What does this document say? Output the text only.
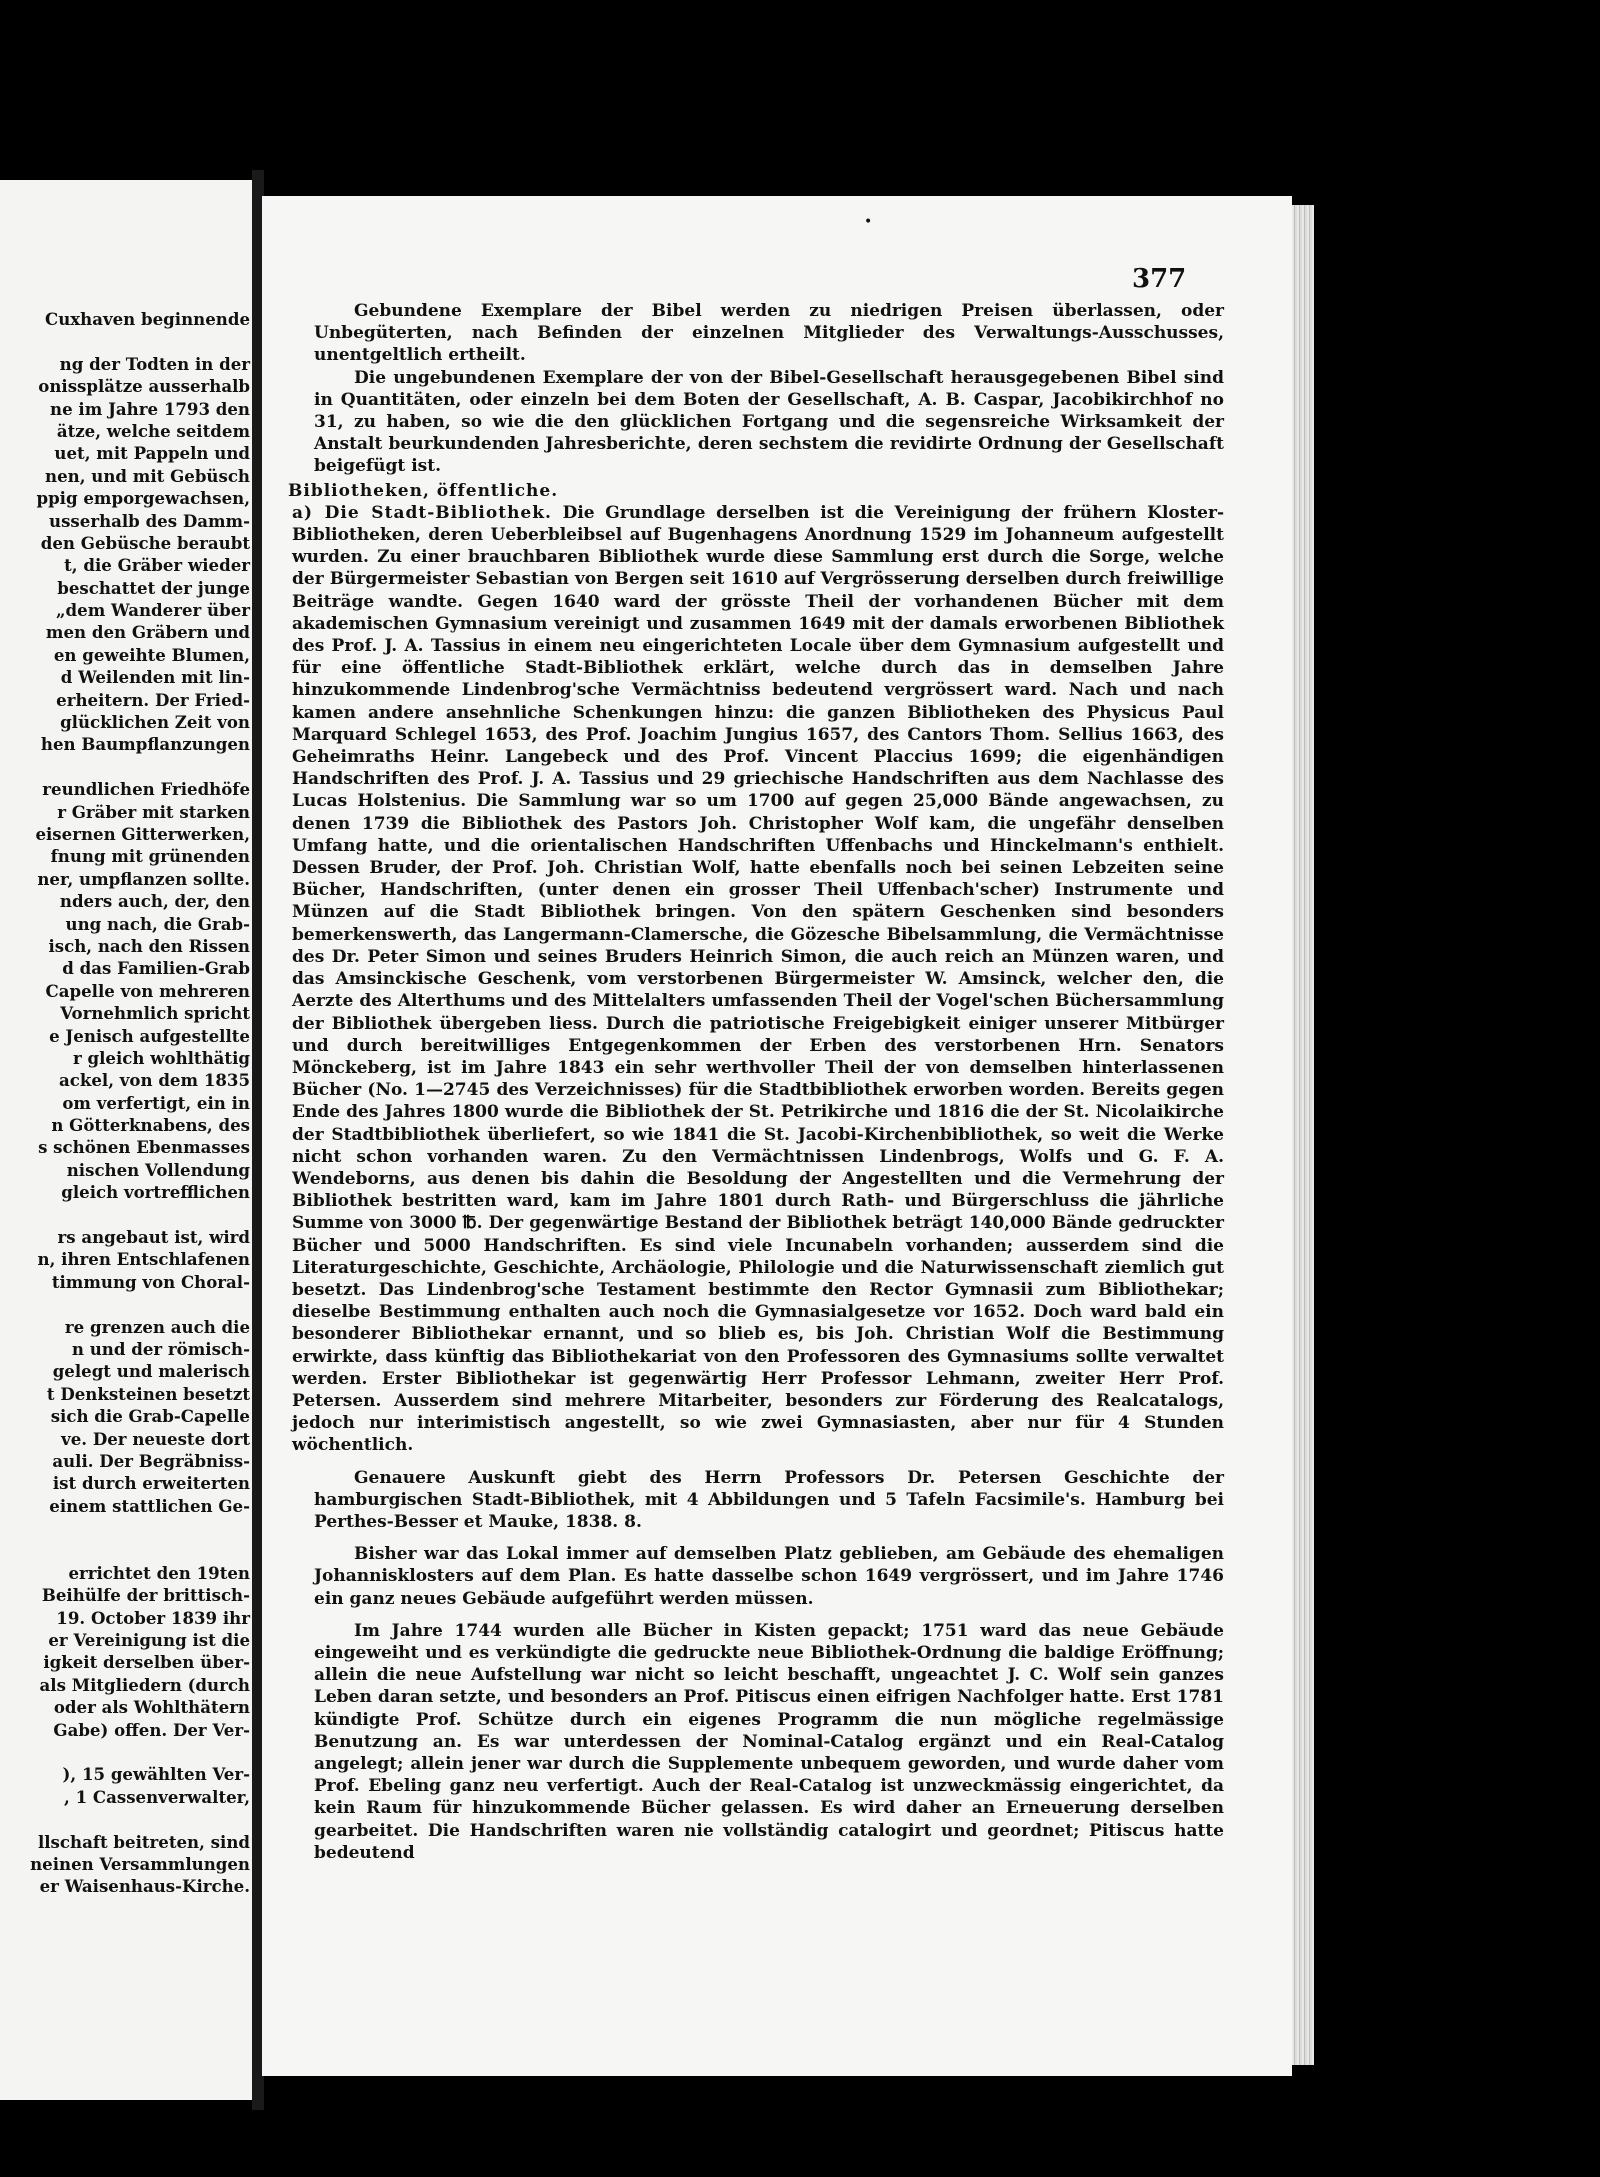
Cuxhaven beginnende
ng der Todten in der
onissplätze ausserhalb
ne im Jahre 1793 den
ätze, welche seitdem
uet, mit Pappeln und
nen, und mit Gebüsch
ppig emporgewachsen,
usserhalb des Damm-
den Gebüsche beraubt
t, die Gräber wieder
beschattet der junge
„dem Wanderer über
men den Gräbern und
en geweihte Blumen,
d Weilenden mit lin-
erheitern. Der Fried-
glücklichen Zeit von
hen Baumpflanzungen
reundlichen Friedhöfe
r Gräber mit starken
eisernen Gitterwerken,
fnung mit grünenden
ner, umpflanzen sollte.
nders auch, der, den
ung nach, die Grab-
isch, nach den Rissen
d das Familien-Grab
Capelle von mehreren
Vornehmlich spricht
e Jenisch aufgestellte
r gleich wohlthätig
ackel, von dem 1835
om verfertigt, ein in
n Götterknabens, des
s schönen Ebenmasses
nischen Vollendung
gleich vortrefflichen
rs angebaut ist, wird
n, ihren Entschlafenen
timmung von Choral-
re grenzen auch die
n und der römisch-
gelegt und malerisch
t Denksteinen besetzt
sich die Grab-Capelle
ve. Der neueste dort
auli. Der Begräbniss-
ist durch erweiterten
einem stattlichen Ge-
errichtet den 19ten
Beihülfe der brittisch-
19. October 1839 ihr
er Vereinigung ist die
igkeit derselben über-
als Mitgliedern (durch
oder als Wohlthätern
Gabe) offen. Der Ver-
), 15 gewählten Ver-
, 1 Cassenverwalter,
llschaft beitreten, sind
neinen Versammlungen
er Waisenhaus-Kirche.
•
377

Gebundene Exemplare der Bibel werden zu niedrigen Preisen überlassen, oder Unbegüterten, nach Befinden der einzelnen Mitglieder des Verwaltungs-Ausschusses, unentgeltlich ertheilt.

Die ungebundenen Exemplare der von der Bibel-Gesellschaft herausgegebenen Bibel sind in Quantitäten, oder einzeln bei dem Boten der Gesellschaft, A. B. Caspar, Jacobikirchhof no 31, zu haben, so wie die den glücklichen Fortgang und die segensreiche Wirksamkeit der Anstalt beurkundenden Jahresberichte, deren sechstem die revidirte Ordnung der Gesellschaft beigefügt ist.

Bibliotheken, öffentliche.

a) Die Stadt-Bibliothek. Die Grundlage derselben ist die Vereinigung der frühern Kloster-Bibliotheken, deren Ueberbleibsel auf Bugenhagens Anordnung 1529 im Johanneum aufgestellt wurden. Zu einer brauchbaren Bibliothek wurde diese Sammlung erst durch die Sorge, welche der Bürgermeister Sebastian von Bergen seit 1610 auf Vergrösserung derselben durch freiwillige Beiträge wandte. Gegen 1640 ward der grösste Theil der vorhandenen Bücher mit dem akademischen Gymnasium vereinigt und zusammen 1649 mit der damals erworbenen Bibliothek des Prof. J. A. Tassius in einem neu eingerichteten Locale über dem Gymnasium aufgestellt und für eine öffentliche Stadt-Bibliothek erklärt, welche durch das in demselben Jahre hinzukommende Lindenbrog'sche Vermächtniss bedeutend vergrössert ward. Nach und nach kamen andere ansehnliche Schenkungen hinzu: die ganzen Bibliotheken des Physicus Paul Marquard Schlegel 1653, des Prof. Joachim Jungius 1657, des Cantors Thom. Sellius 1663, des Geheimraths Heinr. Langebeck und des Prof. Vincent Placcius 1699; die eigenhändigen Handschriften des Prof. J. A. Tassius und 29 griechische Handschriften aus dem Nachlasse des Lucas Holstenius. Die Sammlung war so um 1700 auf gegen 25,000 Bände angewachsen, zu denen 1739 die Bibliothek des Pastors Joh. Christopher Wolf kam, die ungefähr denselben Umfang hatte, und die orientalischen Handschriften Uffenbachs und Hinckelmann's enthielt. Dessen Bruder, der Prof. Joh. Christian Wolf, hatte ebenfalls noch bei seinen Lebzeiten seine Bücher, Handschriften, (unter denen ein grosser Theil Uffenbach'scher) Instrumente und Münzen auf die Stadt Bibliothek bringen. Von den spätern Geschenken sind besonders bemerkenswerth, das Langermann-Clamersche, die Gözesche Bibelsammlung, die Vermächtnisse des Dr. Peter Simon und seines Bruders Heinrich Simon, die auch reich an Münzen waren, und das Amsinckische Geschenk, vom verstorbenen Bürgermeister W. Amsinck, welcher den, die Aerzte des Alterthums und des Mittelalters umfassenden Theil der Vogel'schen Büchersammlung der Bibliothek übergeben liess. Durch die patriotische Freigebigkeit einiger unserer Mitbürger und durch bereitwilliges Entgegenkommen der Erben des verstorbenen Hrn. Senators Mönckeberg, ist im Jahre 1843 ein sehr werthvoller Theil der von demselben hinterlassenen Bücher (No. 1—2745 des Verzeichnisses) für die Stadtbibliothek erworben worden. Bereits gegen Ende des Jahres 1800 wurde die Bibliothek der St. Petrikirche und 1816 die der St. Nicolaikirche der Stadtbibliothek überliefert, so wie 1841 die St. Jacobi-Kirchenbibliothek, so weit die Werke nicht schon vorhanden waren. Zu den Vermächtnissen Lindenbrogs, Wolfs und G. F. A. Wendeborns, aus denen bis dahin die Besoldung der Angestellten und die Vermehrung der Bibliothek bestritten ward, kam im Jahre 1801 durch Rath- und Bürgerschluss die jährliche Summe von 3000 ℔. Der gegenwärtige Bestand der Bibliothek beträgt 140,000 Bände gedruckter Bücher und 5000 Handschriften. Es sind viele Incunabeln vorhanden; ausserdem sind die Literaturgeschichte, Geschichte, Archäologie, Philologie und die Naturwissenschaft ziemlich gut besetzt. Das Lindenbrog'sche Testament bestimmte den Rector Gymnasii zum Bibliothekar; dieselbe Bestimmung enthalten auch noch die Gymnasialgesetze vor 1652. Doch ward bald ein besonderer Bibliothekar ernannt, und so blieb es, bis Joh. Christian Wolf die Bestimmung erwirkte, dass künftig das Bibliothekariat von den Professoren des Gymnasiums sollte verwaltet werden. Erster Bibliothekar ist gegenwärtig Herr Professor Lehmann, zweiter Herr Prof. Petersen. Ausserdem sind mehrere Mitarbeiter, besonders zur Förderung des Realcatalogs, jedoch nur interimistisch angestellt, so wie zwei Gymnasiasten, aber nur für 4 Stunden wöchentlich.

Genauere Auskunft giebt des Herrn Professors Dr. Petersen Geschichte der hamburgischen Stadt-Bibliothek, mit 4 Abbildungen und 5 Tafeln Facsimile's. Hamburg bei Perthes-Besser et Mauke, 1838. 8.

Bisher war das Lokal immer auf demselben Platz geblieben, am Gebäude des ehemaligen Johannisklosters auf dem Plan. Es hatte dasselbe schon 1649 vergrössert, und im Jahre 1746 ein ganz neues Gebäude aufgeführt werden müssen.

Im Jahre 1744 wurden alle Bücher in Kisten gepackt; 1751 ward das neue Gebäude eingeweiht und es verkündigte die gedruckte neue Bibliothek-Ordnung die baldige Eröffnung; allein die neue Aufstellung war nicht so leicht beschafft, ungeachtet J. C. Wolf sein ganzes Leben daran setzte, und besonders an Prof. Pitiscus einen eifrigen Nachfolger hatte. Erst 1781 kündigte Prof. Schütze durch ein eigenes Programm die nun mögliche regelmässige Benutzung an. Es war unterdessen der Nominal-Catalog ergänzt und ein Real-Catalog angelegt; allein jener war durch die Supplemente unbequem geworden, und wurde daher vom Prof. Ebeling ganz neu verfertigt. Auch der Real-Catalog ist unzweckmässig eingerichtet, da kein Raum für hinzukommende Bücher gelassen. Es wird daher an Erneuerung derselben gearbeitet. Die Handschriften waren nie vollständig catalogirt und geordnet; Pitiscus hatte bedeutend
